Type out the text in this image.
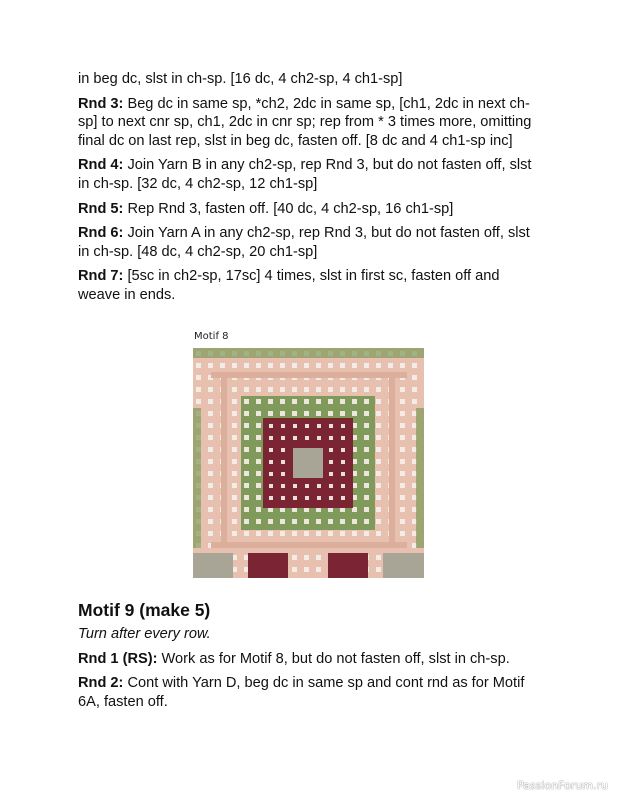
in beg dc, slst in ch-sp. [16 dc, 4 ch2-sp, 4 ch1-sp]

Rnd 3: Beg dc in same sp, *ch2, 2dc in same sp, [ch1, 2dc in next ch-sp] to next cnr sp, ch1, 2dc in cnr sp; rep from * 3 times more, omitting final dc on last rep, slst in beg dc, fasten off. [8 dc and 4 ch1-sp inc]

Rnd 4: Join Yarn B in any ch2-sp, rep Rnd 3, but do not fasten off, slst in ch-sp. [32 dc, 4 ch2-sp, 12 ch1-sp]

Rnd 5: Rep Rnd 3, fasten off. [40 dc, 4 ch2-sp, 16 ch1-sp]

Rnd 6: Join Yarn A in any ch2-sp, rep Rnd 3, but do not fasten off, slst in ch-sp. [48 dc, 4 ch2-sp, 20 ch1-sp]

Rnd 7: [5sc in ch2-sp, 17sc] 4 times, slst in first sc, fasten off and weave in ends.

Motif 8
Motif 9 (make 5)

Turn after every row.

Rnd 1 (RS): Work as for Motif 8, but do not fasten off, slst in ch-sp.

Rnd 2: Cont with Yarn D, beg dc in same sp and cont rnd as for Motif 6A, fasten off.

PassionForum.ru
